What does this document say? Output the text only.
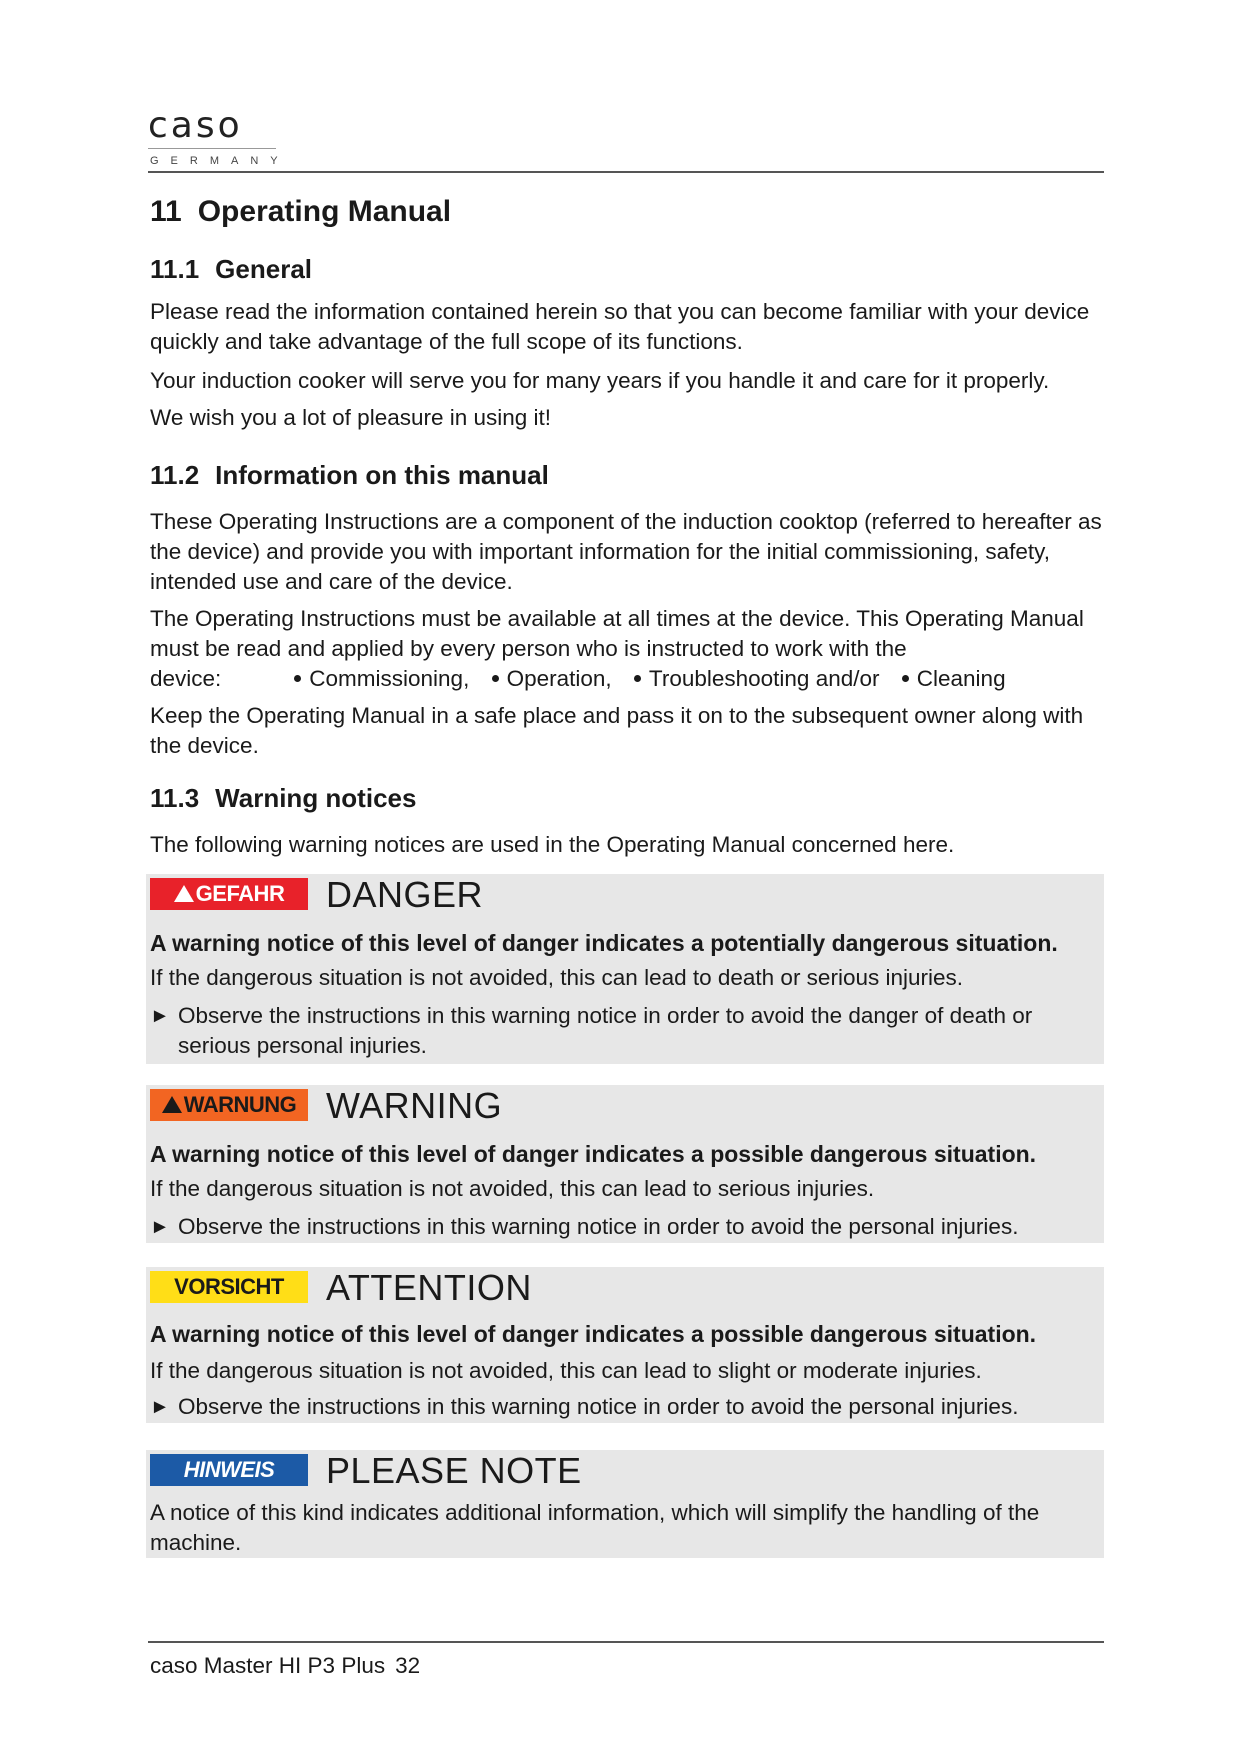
caso
GERMANY
11 Operating Manual
11.1 General
Please read the information contained herein so that you can become familiar with your device quickly and take advantage of the full scope of its functions.
Your induction cooker will serve you for many years if you handle it and care for it properly.
We wish you a lot of pleasure in using it!
11.2 Information on this manual
These Operating Instructions are a component of the induction cooktop (referred to hereafter as the device) and provide you with important information for the initial commissioning, safety, intended use and care of the device.
The Operating Instructions must be available at all times at the device. This Operating Manual must be read and applied by every person who is instructed to work with the
device:	Commissioning, Operation, Troubleshooting and/or Cleaning
Keep the Operating Manual in a safe place and pass it on to the subsequent owner along with the device.
11.3 Warning notices
The following warning notices are used in the Operating Manual concerned here.
GEFAHR DANGER
A warning notice of this level of danger indicates a potentially dangerous situation.
If the dangerous situation is not avoided, this can lead to death or serious injuries.
► Observe the instructions in this warning notice in order to avoid the danger of death or serious personal injuries.
WARNUNG WARNING
A warning notice of this level of danger indicates a possible dangerous situation.
If the dangerous situation is not avoided, this can lead to serious injuries.
► Observe the instructions in this warning notice in order to avoid the personal injuries.
VORSICHT	ATTENTION
A warning notice of this level of danger indicates a possible dangerous situation.
If the dangerous situation is not avoided, this can lead to slight or moderate injuries.
► Observe the instructions in this warning notice in order to avoid the personal injuries.
HINWEIS	PLEASE NOTE
A notice of this kind indicates additional information, which will simplify the handling of the machine.
caso Master HI P3 Plus 32
